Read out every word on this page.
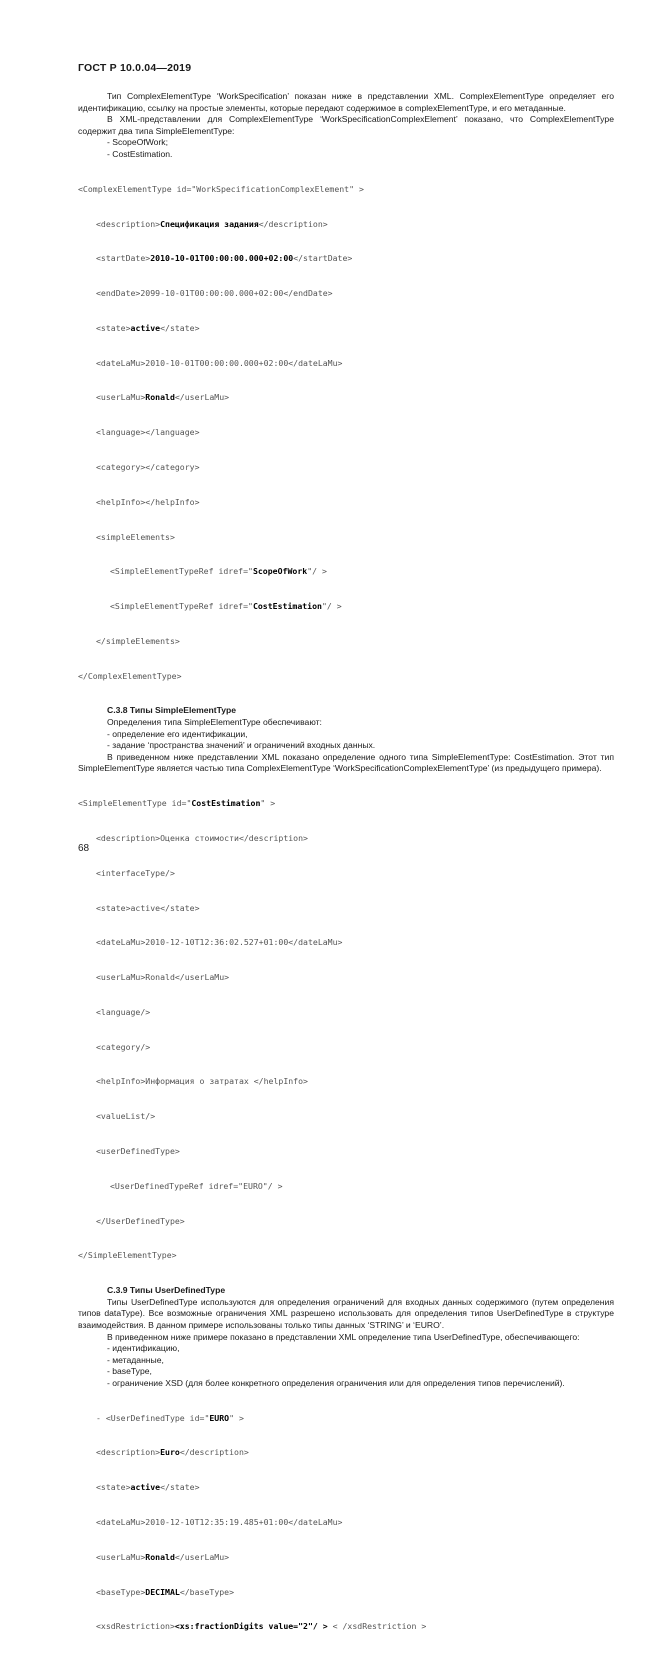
ГОСТ Р 10.0.04—2019

Тип ComplexElementType ‘WorkSpecification’ показан ниже в представлении XML. ComplexElementType определяет его идентификацию, ссылку на простые элементы, которые передают содержимое в complexElementType, и его метаданные.

В XML-представлении для ComplexElementType ‘WorkSpecificationComplexElement’ показано, что ComplexElementType содержит два типа SimpleElementType:

- ScopeOfWork;
- CostEstimation.

<ComplexElementType id="WorkSpecificationComplexElement" >

<description>Спецификация задания</description>

<startDate>2010-10-01T00:00:00.000+02:00</startDate>

<endDate>2099-10-01T00:00:00.000+02:00</endDate>

<state>active</state>

<dateLaMu>2010-10-01T00:00:00.000+02:00</dateLaMu>

<userLaMu>Ronald</userLaMu>

<language></language>

<category></category>

<helpInfo></helpInfo>

<simpleElements>

<SimpleElementTypeRef idref="ScopeOfWork"/ >

<SimpleElementTypeRef idref="CostEstimation"/ >

</simpleElements>

</ComplexElementType>

С.3.8 Типы SimpleElementType

Определения типа SimpleElementType обеспечивают:

- определение его идентификации,
- задание ‘пространства значений’ и ограничений входных данных.

В приведенном ниже представлении XML показано определение одного типа SimpleElementType: CostEstimation. Этот тип SimpleElementType является частью типа ComplexElementType ‘WorkSpecificationComplexElementType’ (из предыдущего примера).

<SimpleElementType id="CostEstimation" >

<description>Оценка стоимости</description>

<interfaceType/>

<state>active</state>

<dateLaMu>2010-12-10T12:36:02.527+01:00</dateLaMu>

<userLaMu>Ronald</userLaMu>

<language/>

<category/>

<helpInfo>Информация о затратах </helpInfo>

<valueList/>

<userDefinedType>

<UserDefinedTypeRef idref="EURO"/ >

</UserDefinedType>

</SimpleElementType>

С.3.9 Типы UserDefinedType

Типы UserDefinedType используются для определения ограничений для входных данных содержимого (путем определения типов dataType). Все возможные ограничения XML разрешено использовать для определения типов UserDefinedType в структуре взаимодействия. В данном примере использованы только типы данных ‘STRING’ и ‘EURO’.

В приведенном ниже примере показано в представлении XML определение типа UserDefinedType, обеспечивающего:

- идентификацию,
- метаданные,
- baseType,

- ограничение XSD (для более конкретного определения ограничения или для определения типов перечислений).

- <UserDefinedType id="EURO" >

<description>Euro</description>

<state>active</state>

<dateLaMu>2010-12-10T12:35:19.485+01:00</dateLaMu>

<userLaMu>Ronald</userLaMu>

<baseType>DECIMAL</baseType>

<xsdRestriction><xs:fractionDigits value="2"/ > < /xsdRestriction >

68
